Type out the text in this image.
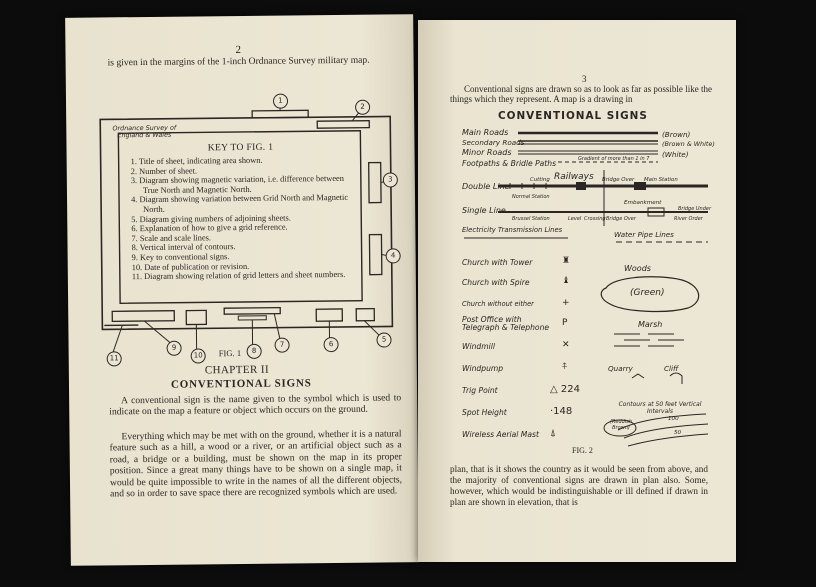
2
is given in the margins of the 1-inch Ordnance Survey military map.
Ordnance Survey of England & Wales
KEY TO FIG. 1
1. Title of sheet, indicating area shown.
2. Number of sheet.
3. Diagram showing magnetic variation, i.e. difference between True North and Magnetic North.
4. Diagram showing variation between Grid North and Magnetic North.
5. Diagram giving numbers of adjoining sheets.
6. Explanation of how to give a grid reference.
7. Scale and scale lines.
8. Vertical interval of contours.
9. Key to conventional signs.
10. Date of publication or revision.
11. Diagram showing relation of grid letters and sheet numbers.
1
2
3
4
5
6
7
8
9
10
11
FIG. 1
CHAPTER II
CONVENTIONAL SIGNS
A conventional sign is the name given to the symbol which is used to indicate on the map a feature or object which occurs on the ground.
Everything which may be met with on the ground, whether it is a natural feature such as a hill, a wood or a river, or an artificial object such as a road, a bridge or a building, must be shown on the map in its proper position. Since a great many things have to be shown on a single map, it would be quite impossible to write in the names of all the different objects, and so in order to save space there are recognized symbols which are used.
3
Conventional signs are drawn so as to look as far as possible like the things which they represent. A map is a drawing in
CONVENTIONAL SIGNS
Main Roads
Secondary Roads
Minor Roads
(Brown)
(Brown & White)
(White)
Gradient of more than 1 in 7
Footpaths & Bridle Paths
Railways
Double Line
Single Line
Cutting	Bridge Over Main Station
Normal Station
Embankment
Bridge Over
Brussel Station	Level Crossing
Bridge Under
River Order
Electricity Transmission Lines	Water Pipe Lines
Church with Tower	♜
Church with Spire	♝
Church without either	+
Post Office with Telegraph & Telephone P
Windmill	✕
Windpump	⍏
Trig Point	△ 224
Spot Height	·148
Wireless Aerial Mast ⍋
Woods
(Green)
Marsh
Quarry	Cliff
Contours at 50 feet Vertical Intervals
(Reddish Brown)
100
50
FIG. 2
plan, that is it shows the country as it would be seen from above, and the majority of conventional signs are drawn in plan also. Some, however, which would be indistinguishable or ill defined if drawn in plan are shown in elevation, that is
